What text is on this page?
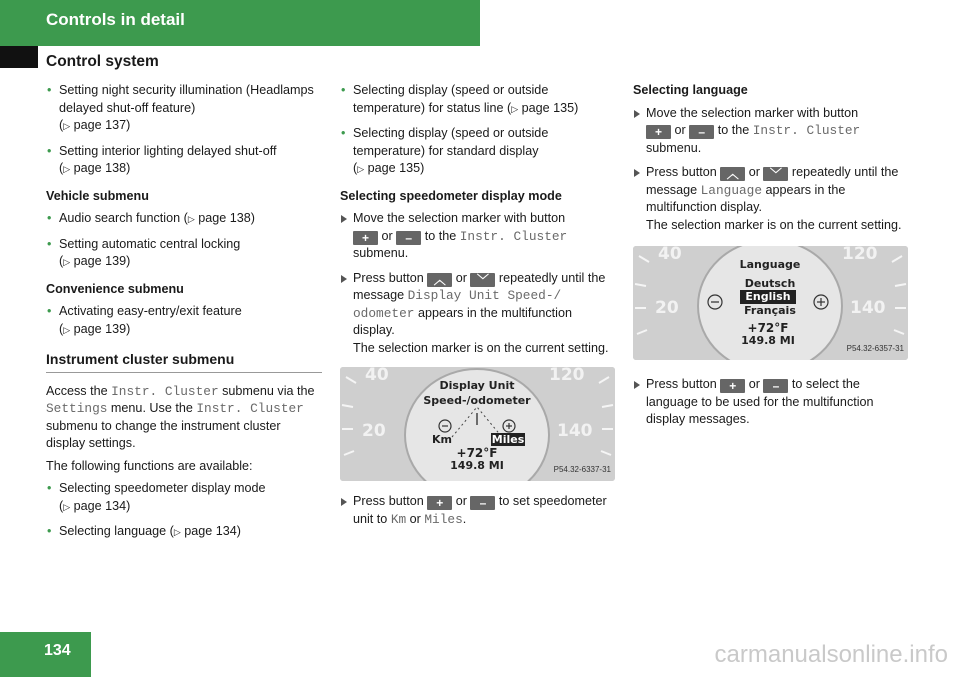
Controls in detail
Control system
• Setting night security illumination (Headlamps delayed shut-off feature)
(▷ page 137)
• Setting interior lighting delayed shut-off
(▷ page 138)
Vehicle submenu
• Audio search function (▷ page 138)
• Setting automatic central locking
(▷ page 139)
Convenience submenu
• Activating easy-entry/exit feature
(▷ page 139)
Instrument cluster submenu
Access the Instr. Cluster submenu via the Settings menu. Use the Instr. Cluster submenu to change the instrument cluster display settings.
The following functions are available:
• Selecting speedometer display mode
(▷ page 134)
• Selecting language (▷ page 134)
• Selecting display (speed or outside temperature) for status line (▷ page 135)
• Selecting display (speed or outside temperature) for standard display
(▷ page 135)
Selecting speedometer display mode
Move the selection marker with button
+ or – to the Instr. Cluster
submenu.
Press button ︿ or ﹀ repeatedly until the message Display Unit Speed-/ odometer appears in the multifunction display.
The selection marker is on the current setting.
40
20
120
140
Display Unit
Speed-/odometer
Km	Miles
+72°F
149.8 MI	P54.32-6337-31
Press button + or – to set speedometer unit to Km or Miles.
Selecting language
Move the selection marker with button
+ or – to the Instr. Cluster
submenu.
Press button ︿ or ﹀ repeatedly until the message Language appears in the multifunction display.
The selection marker is on the current setting.
40
20
120
140
Language
Deutsch
English
Français
+72°F
149.8 MI
P54.32-6357-31
Press button + or – to select the language to be used for the multifunction display messages.
134	carmanualsonline.info
